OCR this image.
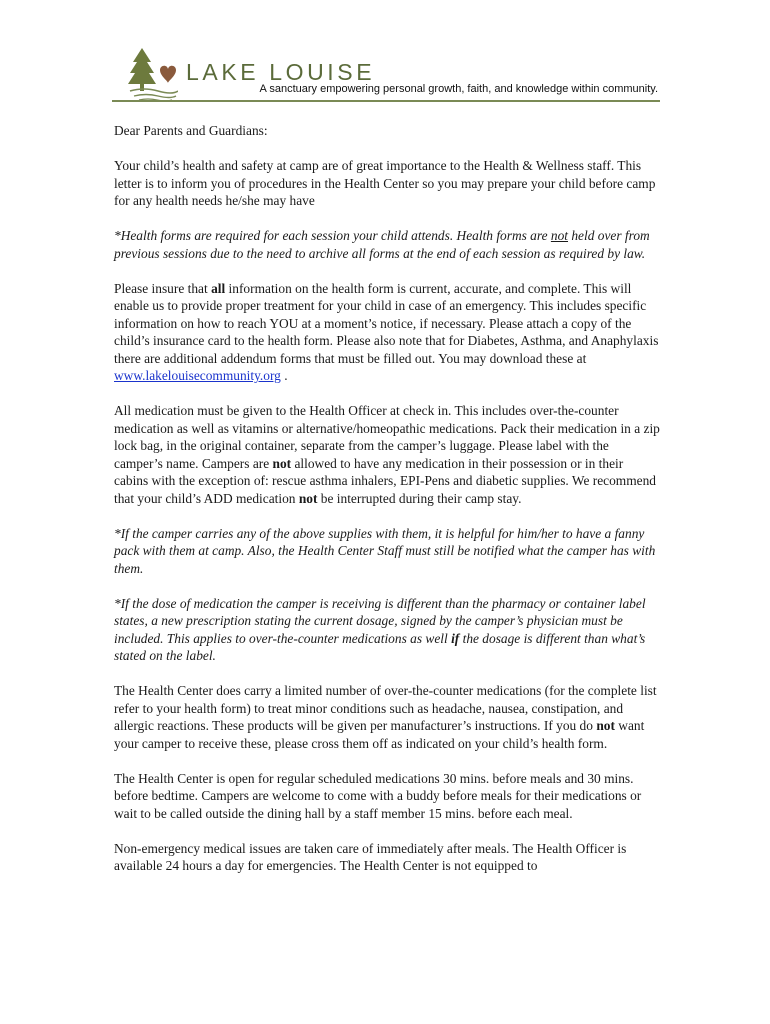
LAKE LOUISE
A sanctuary empowering personal growth, faith, and knowledge within community.

Dear Parents and Guardians:

Your child’s health and safety at camp are of great importance to the Health & Wellness staff. This letter is to inform you of procedures in the Health Center so you may prepare your child before camp for any health needs he/she may have

*Health forms are required for each session your child attends. Health forms are not held over from previous sessions due to the need to archive all forms at the end of each session as required by law.

Please insure that all information on the health form is current, accurate, and complete. This will enable us to provide proper treatment for your child in case of an emergency. This includes specific information on how to reach YOU at a moment’s notice, if necessary. Please attach a copy of the child’s insurance card to the health form. Please also note that for Diabetes, Asthma, and Anaphylaxis there are additional addendum forms that must be filled out. You may download these at www.lakelouisecommunity.org .

All medication must be given to the Health Officer at check in. This includes over-the-counter medication as well as vitamins or alternative/homeopathic medications. Pack their medication in a zip lock bag, in the original container, separate from the camper’s luggage. Please label with the camper’s name. Campers are not allowed to have any medication in their possession or in their cabins with the exception of: rescue asthma inhalers, EPI-Pens and diabetic supplies. We recommend that your child’s ADD medication not be interrupted during their camp stay.

*If the camper carries any of the above supplies with them, it is helpful for him/her to have a fanny pack with them at camp. Also, the Health Center Staff must still be notified what the camper has with them.

*If the dose of medication the camper is receiving is different than the pharmacy or container label states, a new prescription stating the current dosage, signed by the camper’s physician must be included. This applies to over-the-counter medications as well if the dosage is different than what’s stated on the label.

The Health Center does carry a limited number of over-the-counter medications (for the complete list refer to your health form) to treat minor conditions such as headache, nausea, constipation, and allergic reactions. These products will be given per manufacturer’s instructions. If you do not want your camper to receive these, please cross them off as indicated on your child’s health form.

The Health Center is open for regular scheduled medications 30 mins. before meals and 30 mins. before bedtime. Campers are welcome to come with a buddy before meals for their medications or wait to be called outside the dining hall by a staff member 15 mins. before each meal.

Non-emergency medical issues are taken care of immediately after meals. The Health Officer is available 24 hours a day for emergencies. The Health Center is not equipped to
